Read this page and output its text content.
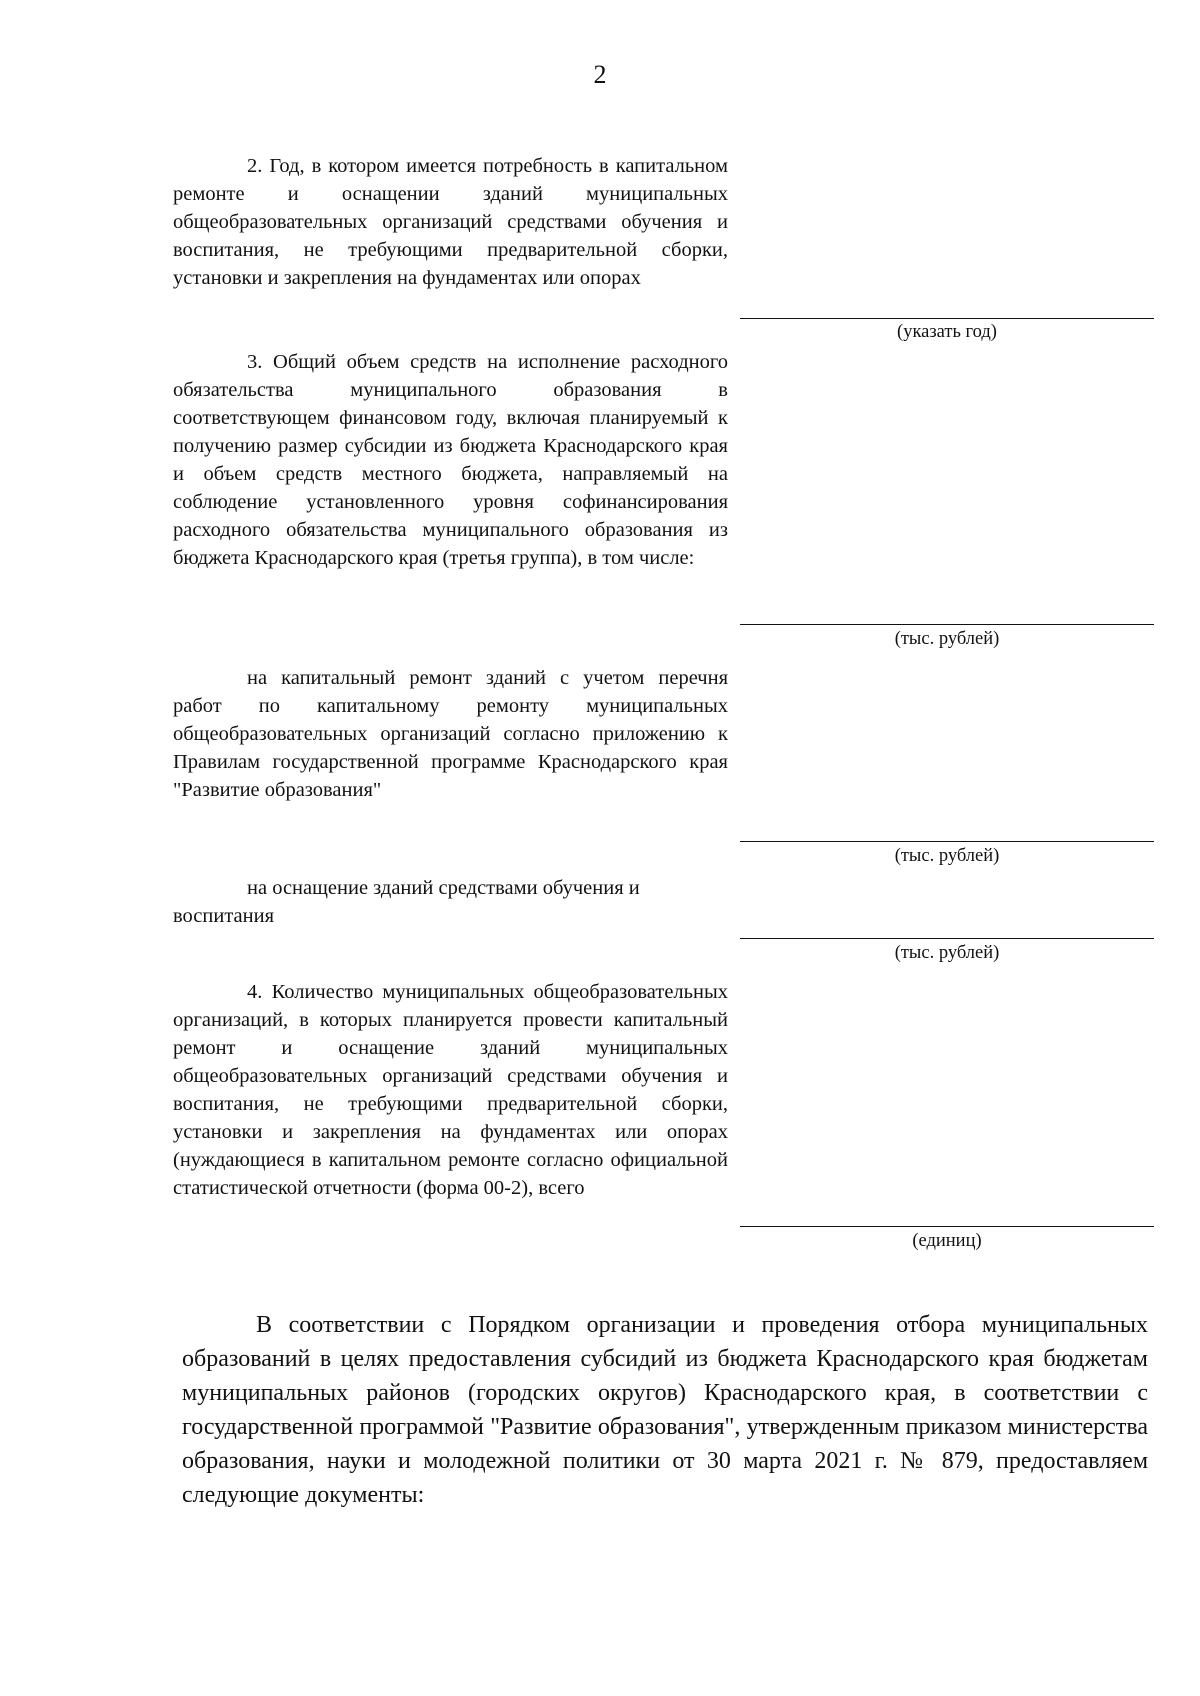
2
2. Год, в котором имеется потребность в капитальном ремонте и оснащении зданий муниципальных общеобразовательных организаций средствами обучения и воспитания, не требующими предварительной сборки, установки и закрепления на фундаментах или опорах
(указать год)
3. Общий объем средств на исполнение расходного обязательства муниципального образования в соответствующем финансовом году, включая планируемый к получению размер субсидии из бюджета Краснодарского края и объем средств местного бюджета, направляемый на соблюдение установленного уровня софинансирования расходного обязательства муниципального образования из бюджета Краснодарского края (третья группа), в том числе:
(тыс. рублей)
на капитальный ремонт зданий с учетом перечня работ по капитальному ремонту муниципальных общеобразовательных организаций согласно приложению к Правилам государственной программе Краснодарского края "Развитие образования"
(тыс. рублей)
на оснащение зданий средствами обучения и воспитания
(тыс. рублей)
4. Количество муниципальных общеобразовательных организаций, в которых планируется провести капитальный ремонт и оснащение зданий муниципальных общеобразовательных организаций средствами обучения и воспитания, не требующими предварительной сборки, установки и закрепления на фундаментах или опорах (нуждающиеся в капитальном ремонте согласно официальной статистической отчетности (форма 00-2), всего
(единиц)
В соответствии с Порядком организации и проведения отбора муниципальных образований в целях предоставления субсидий из бюджета Краснодарского края бюджетам муниципальных районов (городских округов) Краснодарского края, в соответствии с государственной программой "Развитие образования", утвержденным приказом министерства образования, науки и молодежной политики от 30 марта 2021 г. № 879, предоставляем следующие документы:
